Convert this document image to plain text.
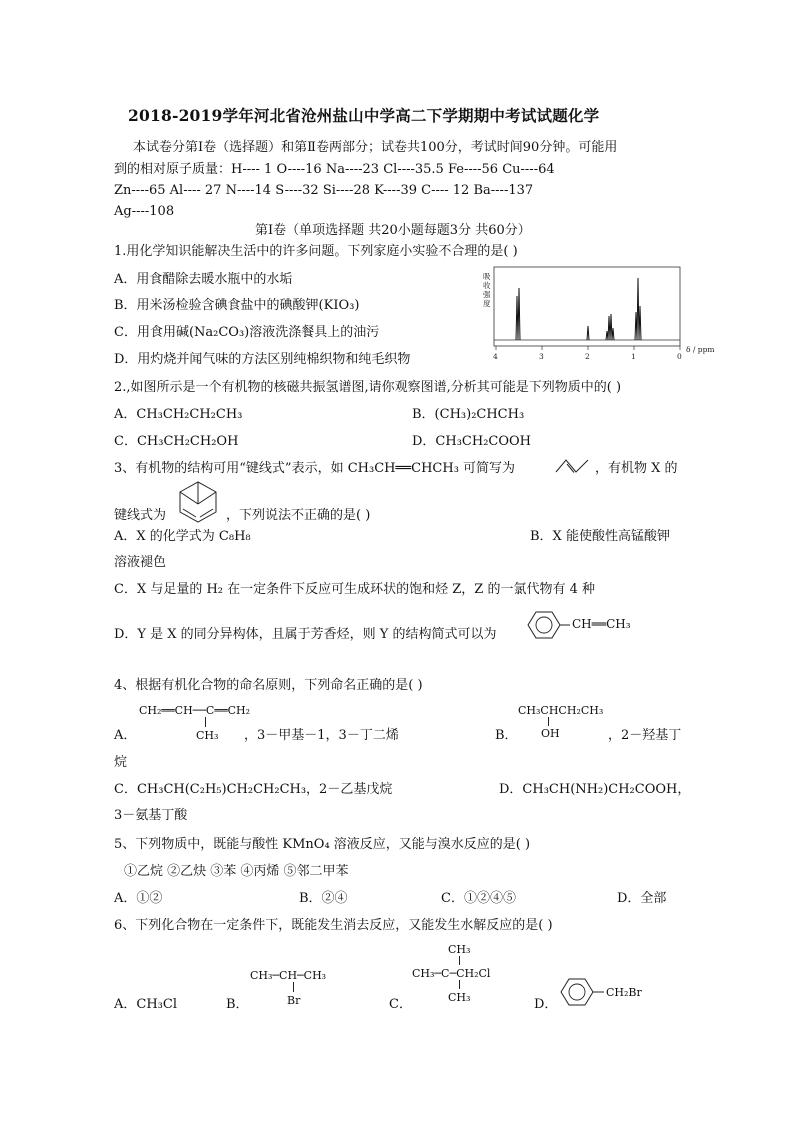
2018-2019学年河北省沧州盐山中学高二下学期期中考试试题化学
本试卷分第Ⅰ卷（选择题）和第Ⅱ卷两部分；试卷共100分，考试时间90分钟。可能用
到的相对原子质量：H---- 1 O----16 Na----23 Cl----35.5 Fe----56 Cu----64
Zn----65 Al---- 27 N----14 S----32 Si----28 K----39 C---- 12 Ba----137
Ag----108
第Ⅰ卷（单项选择题 共20小题每题3分 共60分）
1.用化学知识能解决生活中的许多问题。下列家庭小实验不合理的是( )
A．用食醋除去暖水瓶中的水垢
B．用米汤检验含碘食盐中的碘酸钾(KIO₃)
C．用食用碱(Na₂CO₃)溶液洗涤餐具上的油污
D．用灼烧并闻气味的方法区别纯棉织物和纯毛织物
吸
收
强
度
4	3	2	1	0
δ / ppm
2.,如图所示是一个有机物的核磁共振氢谱图,请你观察图谱,分析其可能是下列物质中的( )
A．CH₃CH₂CH₂CH₃	B．(CH₃)₂CHCH₃
C．CH₃CH₂CH₂OH	D．CH₃CH₂COOH
3、有机物的结构可用“键线式”表示，如 CH₃CH══CHCH₃ 可简写为	，有机物 X 的
键线式为	，下列说法不正确的是( )
A．X 的化学式为 C₈H₈	B．X 能使酸性高锰酸钾
溶液褪色
C．X 与足量的 H₂ 在一定条件下反应可生成环状的饱和烃 Z，Z 的一氯代物有 4 种
D．Y 是 X 的同分异构体，且属于芳香烃，则 Y 的结构简式可以为
CH══CH₃
4、根据有机化合物的命名原则，下列命名正确的是( )
CH₂══CH──C══CH₂
CH₃
A．	，3－甲基－1，3－丁二烯
CH₃CHCH₂CH₃
OH
B．	，2－羟基丁
烷
C．CH₃CH(C₂H₅)CH₂CH₂CH₃，2－乙基戊烷	D．CH₃CH(NH₂)CH₂COOH，
3－氨基丁酸
5、下列物质中，既能与酸性 KMnO₄ 溶液反应，又能与溴水反应的是( )
①乙烷 ②乙炔 ③苯 ④丙烯 ⑤邻二甲苯
A．①②	B．②④	C．①②④⑤	D．全部
6、下列化合物在一定条件下，既能发生消去反应，又能发生水解反应的是( )
A．CH₃Cl	B．
CH₃─CH─CH₃
Br	C．
CH₃
CH₃─C─CH₂Cl
CH₃	D．
CH₂Br
